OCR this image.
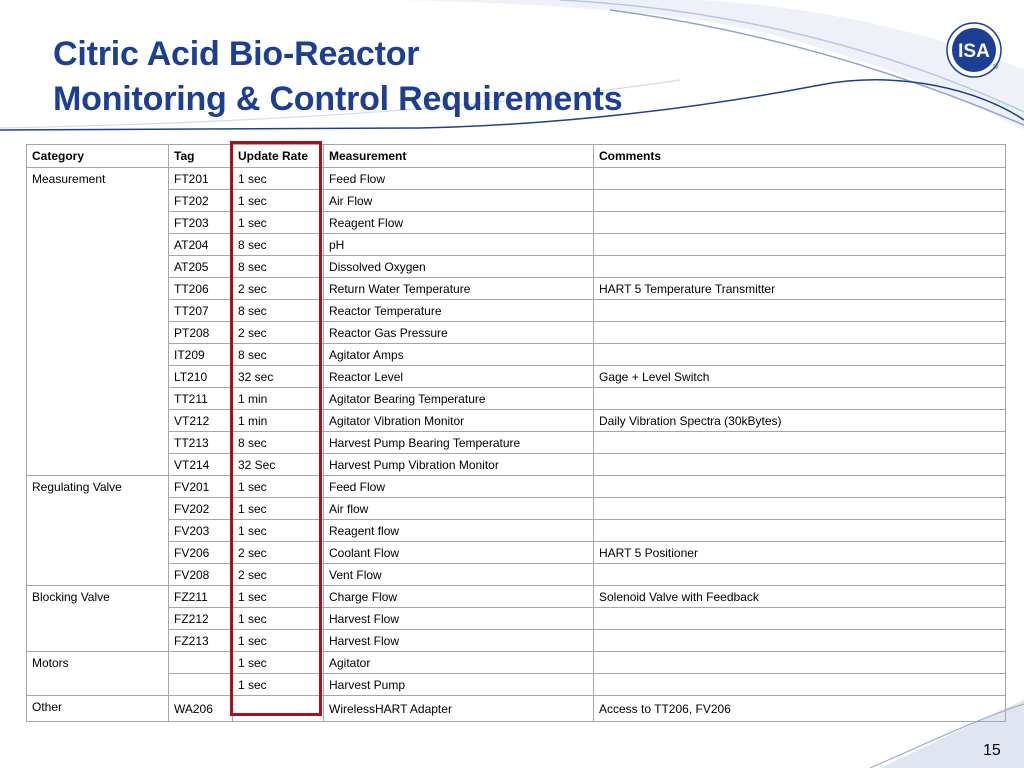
Citric Acid Bio-Reactor
Monitoring & Control Requirements
ISA
®
Category	Tag	Update Rate	Measurement	Comments
Measurement	FT201	1 sec	Feed Flow	
	FT202	1 sec	Air Flow	
	FT203	1 sec	Reagent Flow	
	AT204	8 sec	pH	
	AT205	8 sec	Dissolved Oxygen	
	TT206	2 sec	Return Water Temperature	HART 5 Temperature Transmitter
	TT207	8 sec	Reactor Temperature	
	PT208	2 sec	Reactor Gas Pressure	
	IT209	8 sec	Agitator Amps	
	LT210	32 sec	Reactor Level	Gage + Level Switch
	TT211	1 min	Agitator Bearing Temperature	
	VT212	1 min	Agitator Vibration Monitor	Daily Vibration Spectra (30kBytes)
	TT213	8 sec	Harvest Pump Bearing Temperature	
	VT214	32 Sec	Harvest Pump Vibration Monitor	
Regulating Valve	FV201	1 sec	Feed Flow	
	FV202	1 sec	Air flow	
	FV203	1 sec	Reagent flow	
	FV206	2 sec	Coolant Flow	HART 5 Positioner
	FV208	2 sec	Vent Flow	
Blocking Valve	FZ211	1 sec	Charge Flow	Solenoid Valve with Feedback
	FZ212	1 sec	Harvest Flow	
	FZ213	1 sec	Harvest Flow	
Motors		1 sec	Agitator	
		1 sec	Harvest Pump	
Other	WA206		WirelessHART Adapter	Access to TT206, FV206
15
